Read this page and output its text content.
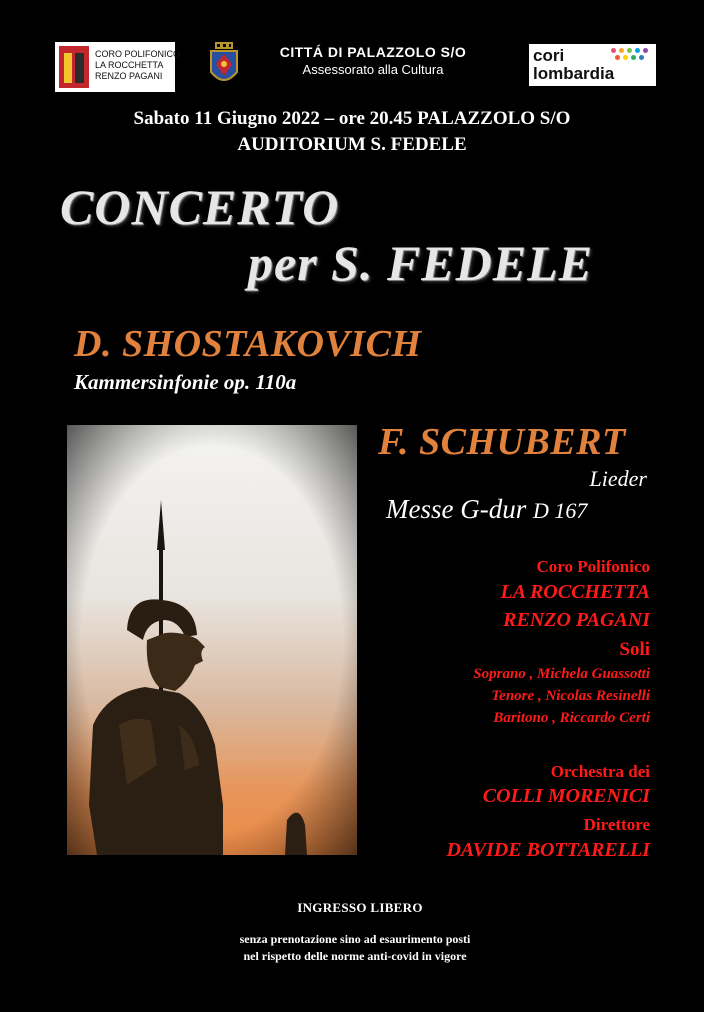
CORO POLIFONICO
LA ROCCHETTA
RENZO PAGANI
CITTÁ DI PALAZZOLO S/O
Assessorato alla Cultura
cori
lombardia
Sabato 11 Giugno 2022 – ore 20.45 PALAZZOLO S/O
AUDITORIUM S. FEDELE
CONCERTO
per S. FEDELE
D. SHOSTAKOVICH
Kammersinfonie op. 110a
F. SCHUBERT
Lieder
Messe G-dur D 167
Coro Polifonico
LA ROCCHETTA
RENZO PAGANI
Soli
Soprano , Michela Guassotti
Tenore , Nicolas Resinelli
Baritono , Riccardo Certi
Orchestra dei
COLLI MORENICI
Direttore
DAVIDE BOTTARELLI
INGRESSO LIBERO
senza prenotazione sino ad esaurimento posti
nel rispetto delle norme anti-covid in vigore
